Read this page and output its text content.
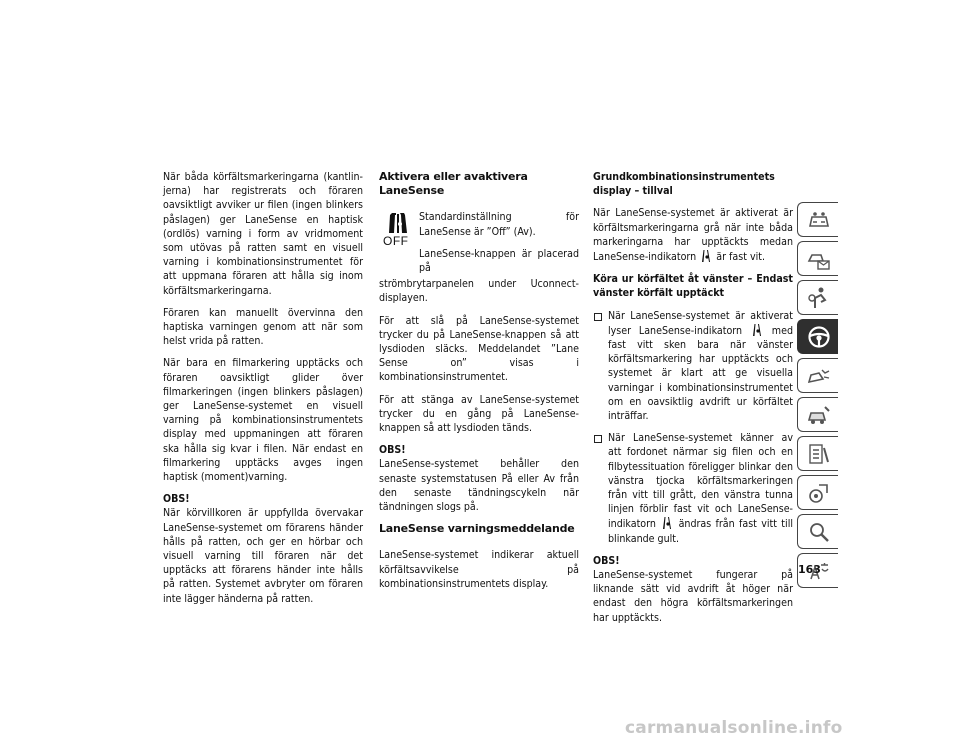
När båda körfältsmarkeringarna (kantlinjerna) har registrerats och föraren oavsiktligt avviker ur filen (ingen blinkers påslagen) ger LaneSense en haptisk (ordlös) varning i form av vridmoment som utövas på ratten samt en visuell varning i kombinationsinstrumentet för att uppmana föraren att hålla sig inom körfältsmarkeringarna.

Föraren kan manuellt övervinna den haptiska varningen genom att när som helst vrida på ratten.

När bara en filmarkering upptäcks och föraren oavsiktligt glider över filmarkeringen (ingen blinkers påslagen) ger LaneSense-systemet en visuell varning på kombinationsinstrumentets display med uppmaningen att föraren ska hålla sig kvar i filen. När endast en filmarkering upptäcks avges ingen haptisk (moment)varning.

OBS!
När körvillkoren är uppfyllda övervakar LaneSense-systemet om förarens händer hålls på ratten, och ger en hörbar och visuell varning till föraren när det upptäcks att förarens händer inte hålls på ratten. Systemet avbryter om föraren inte lägger händerna på ratten.

Aktivera eller avaktivera LaneSense
OFF

Standardinställning för LaneSense är ”Off” (Av).

LaneSense-knappen är placerad på

strömbrytarpanelen under Uconnect-displayen.

För att slå på LaneSense-systemet trycker du på LaneSense-knappen så att lysdioden släcks. Meddelandet ”Lane Sense on” visas i kombinationsinstrumentet.

För att stänga av LaneSense-systemet trycker du en gång på LaneSense-knappen så att lysdioden tänds.

OBS!
LaneSense-systemet behåller den senaste systemstatusen På eller Av från den senaste tändningscykeln när tändningen slogs på.

LaneSense varningsmeddelande

LaneSense-systemet indikerar aktuell körfältsavvikelse på kombinationsinstrumentets display.

Grundkombinationsinstrumentets display – tillval

När LaneSense-systemet är aktiverat är körfältsmarkeringarna grå när inte båda markeringarna har upptäckts medan LaneSense-indikatorn är fast vit.

Köra ur körfältet åt vänster – Endast vänster körfält upptäckt

När LaneSense-systemet är aktiverat lyser LaneSense-indikatorn	med fast vitt sken bara när vänster körfältsmarkering har upptäckts och systemet är klart att ge visuella varningar i kombinationsinstrumentet om en oavsiktlig avdrift ur körfältet inträffar.
När LaneSense-systemet känner av att fordonet närmar sig filen och en filbytessituation föreligger blinkar den vänstra tjocka körfältsmarkeringen från vitt till grått, den vänstra tunna linjen förblir fast vit och LaneSense-indikatorn ändras från fast vitt till blinkande gult.

OBS!
LaneSense-systemet fungerar på liknande sätt vid avdrift åt höger när endast den högra körfältsmarkeringen har upptäckts.

163
carmanualsonline.info
